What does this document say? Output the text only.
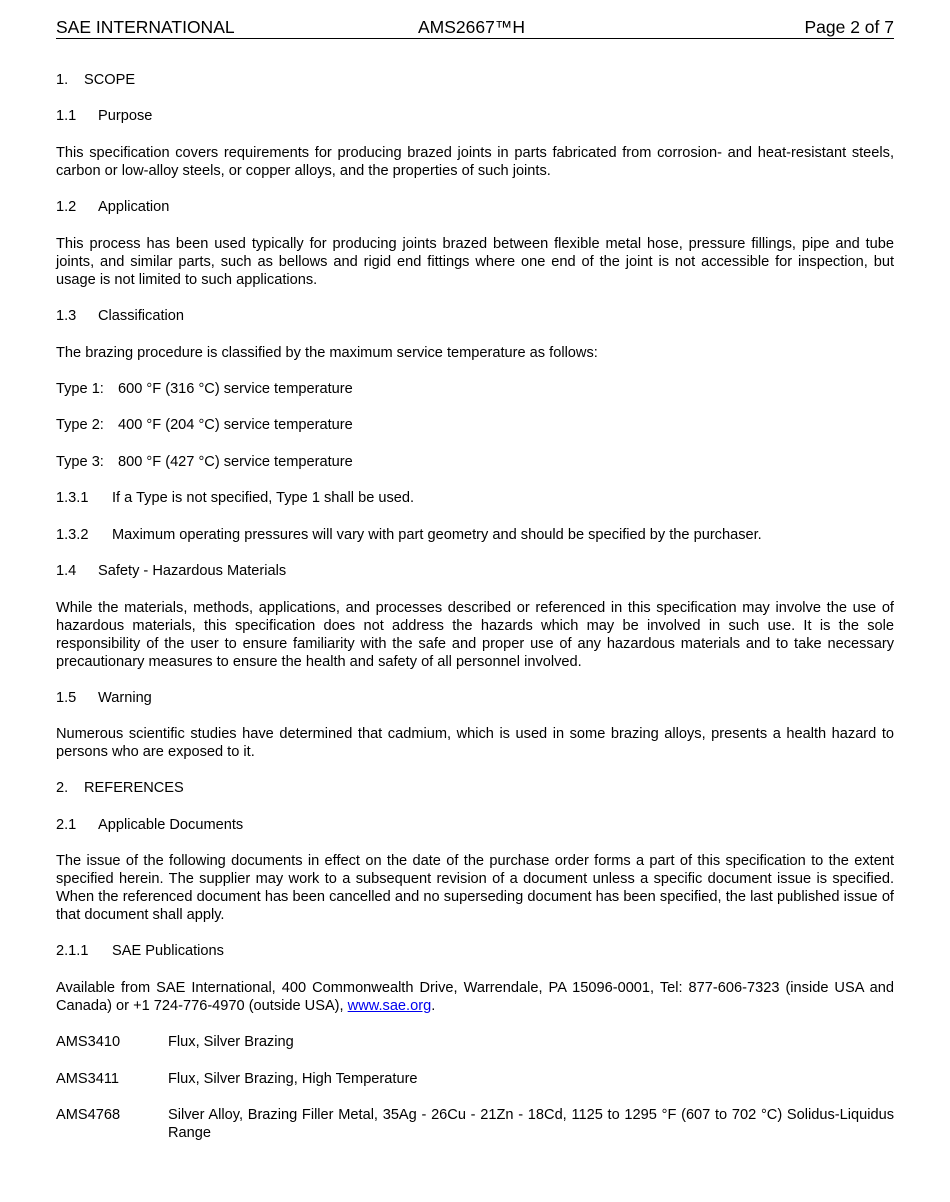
SAE INTERNATIONAL	AMS2667™H	Page 2 of 7
1. SCOPE
1.1 Purpose
This specification covers requirements for producing brazed joints in parts fabricated from corrosion- and heat-resistant steels, carbon or low-alloy steels, or copper alloys, and the properties of such joints.
1.2 Application
This process has been used typically for producing joints brazed between flexible metal hose, pressure fillings, pipe and tube joints, and similar parts, such as bellows and rigid end fittings where one end of the joint is not accessible for inspection, but usage is not limited to such applications.
1.3 Classification
The brazing procedure is classified by the maximum service temperature as follows:
Type 1: 600 °F (316 °C) service temperature
Type 2: 400 °F (204 °C) service temperature
Type 3: 800 °F (427 °C) service temperature
1.3.1 If a Type is not specified, Type 1 shall be used.
1.3.2 Maximum operating pressures will vary with part geometry and should be specified by the purchaser.
1.4 Safety - Hazardous Materials
While the materials, methods, applications, and processes described or referenced in this specification may involve the use of hazardous materials, this specification does not address the hazards which may be involved in such use. It is the sole responsibility of the user to ensure familiarity with the safe and proper use of any hazardous materials and to take necessary precautionary measures to ensure the health and safety of all personnel involved.
1.5 Warning
Numerous scientific studies have determined that cadmium, which is used in some brazing alloys, presents a health hazard to persons who are exposed to it.
2. REFERENCES
2.1 Applicable Documents
The issue of the following documents in effect on the date of the purchase order forms a part of this specification to the extent specified herein. The supplier may work to a subsequent revision of a document unless a specific document issue is specified. When the referenced document has been cancelled and no superseding document has been specified, the last published issue of that document shall apply.
2.1.1 SAE Publications
Available from SAE International, 400 Commonwealth Drive, Warrendale, PA 15096-0001, Tel: 877-606-7323 (inside USA and Canada) or +1 724-776-4970 (outside USA), www.sae.org.
AMS3410	Flux, Silver Brazing
AMS3411	Flux, Silver Brazing, High Temperature
AMS4768	Silver Alloy, Brazing Filler Metal, 35Ag - 26Cu - 21Zn - 18Cd, 1125 to 1295 °F (607 to 702 °C) Solidus-Liquidus Range
